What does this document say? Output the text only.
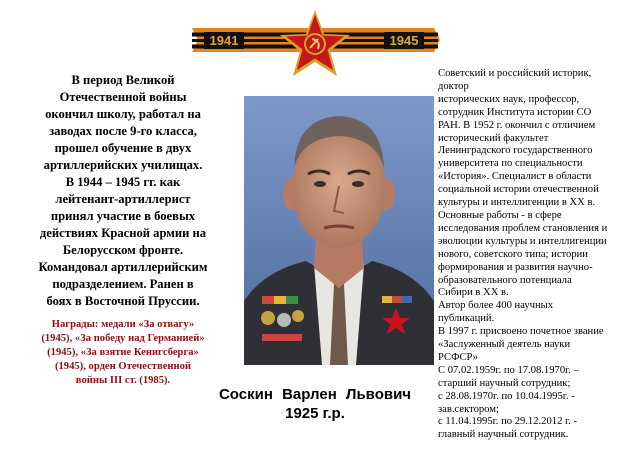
1941	1945

В период Великой
Отечественной войны
окончил школу, работал на
заводах после 9-го класса,
прошел обучение в двух
артиллерийских училищах.
В 1944 – 1945 гг. как
лейтенант-артиллерист
принял участие в боевых
действиях Красной армии на
Белорусском фронте.
Командовал артиллерийским
подразделением. Ранен в
боях в Восточной Пруссии.

Награды: медали «За отвагу»
(1945), «За победу над Германией»
(1945), «За взятие Кенигсберга»
(1945), орден Отечественной
войны III ст. (1985).

Соскин Варлен Львович

1925 г.р.

Советский и российский историк,

доктор

исторических наук, профессор,

сотрудник Института истории СО

РАН. В 1952 г. окончил с отличием

исторический факультет

Ленинградского государственного

университета по специальности

«История». Специалист в области

социальной истории отечественной

культуры и интеллигенции в XX в.

Основные работы - в сфере

исследования проблем становления и

эволюции культуры и интеллигенции

нового, советского типа; истории

формирования и развития научно-

образовательного потенциала

Сибири в XX в.

Автор более 400 научных

публикаций.

В 1997 г. присвоено почетное звание

«Заслуженный деятель науки

РСФСР»

С 07.02.1959г. по 17.08.1970г. –

старший научный сотрудник;

с 28.08.1970г. по 10.04.1995г. -

зав.сектором;

с 11.04.1995г. по 29.12.2012 г. -

главный научный сотрудник.
